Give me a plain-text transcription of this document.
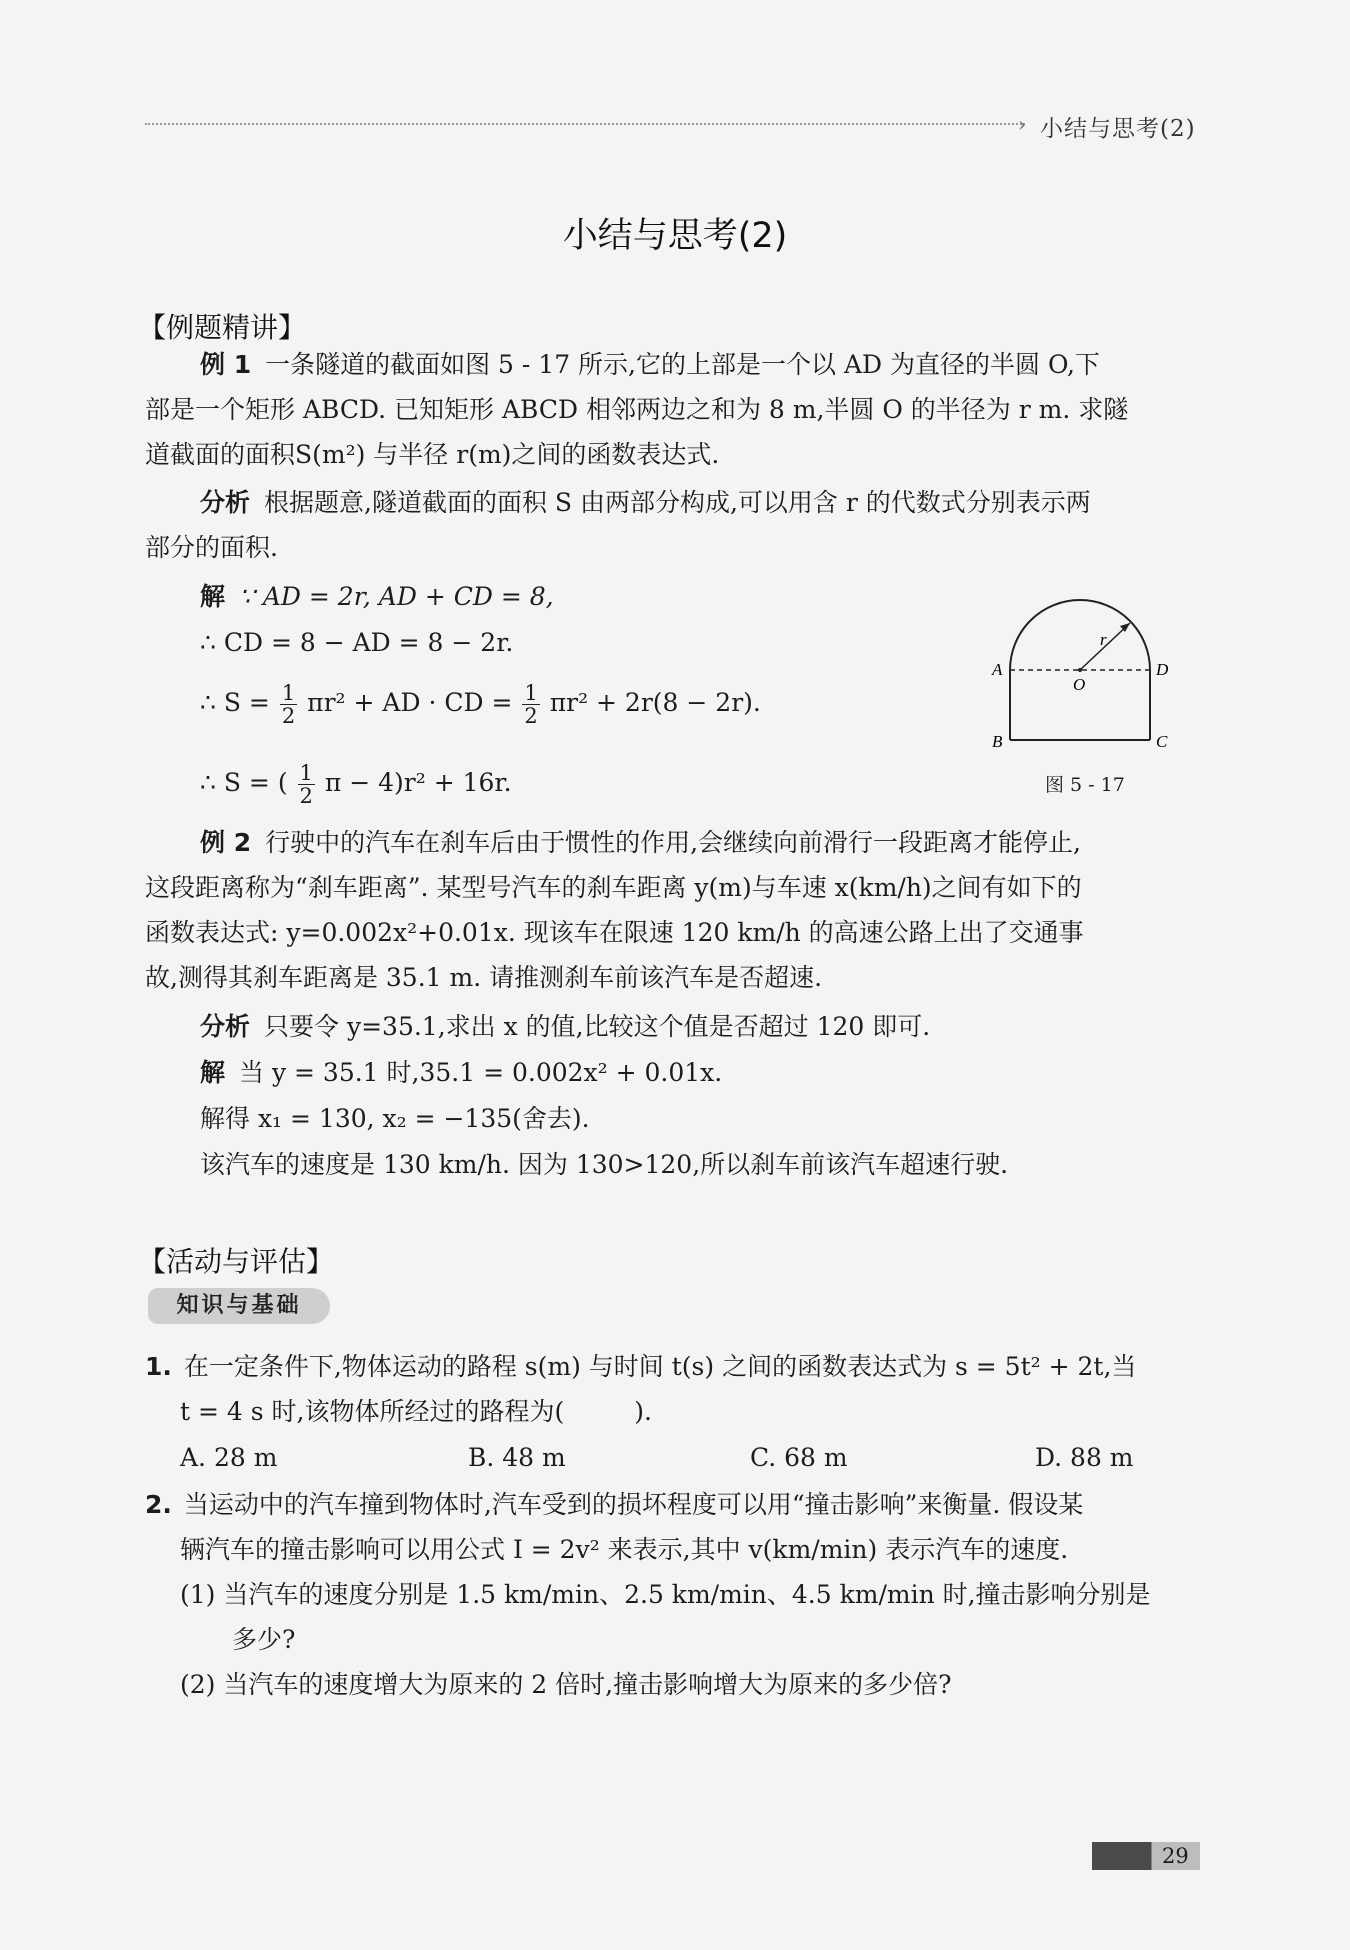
› 小结与思考(2)
小结与思考(2)
【例题精讲】
例 1 一条隧道的截面如图 5 - 17 所示,它的上部是一个以 AD 为直径的半圆 O,下
部是一个矩形 ABCD. 已知矩形 ABCD 相邻两边之和为 8 m,半圆 O 的半径为 r m. 求隧
道截面的面积S(m²) 与半径 r(m)之间的函数表达式.
分析 根据题意,隧道截面的面积 S 由两部分构成,可以用含 r 的代数式分别表示两
部分的面积.
解 ∵ AD = 2r, AD + CD = 8,
∴ CD = 8 − AD = 8 − 2r.
∴ $S = \frac{1}{2} \pi r^2$ + AD · CD = $\frac{1}{2} \pi r^2 + 2r(8 - 2r)$.
∴ S = ( $\frac{1}{2}$ π − 4)r² + 16r.
A	D
O
r
B	C
图 5 - 17
例 2 行驶中的汽车在刹车后由于惯性的作用,会继续向前滑行一段距离才能停止,
这段距离称为“刹车距离”. 某型号汽车的刹车距离 y(m)与车速 x(km/h)之间有如下的
函数表达式: y=0.002x²+0.01x. 现该车在限速 120 km/h 的高速公路上出了交通事
故,测得其刹车距离是 35.1 m. 请推测刹车前该汽车是否超速.
分析 只要令 y=35.1,求出 x 的值,比较这个值是否超过 120 即可.
解 当 y = 35.1 时,35.1 = 0.002x² + 0.01x.
解得 x₁ = 130, x₂ = −135(舍去).
该汽车的速度是 130 km/h. 因为 130>120,所以刹车前该汽车超速行驶.
【活动与评估】
知识与基础
1. 在一定条件下,物体运动的路程 s(m) 与时间 t(s) 之间的函数表达式为 s = 5t² + 2t,当
t = 4 s 时,该物体所经过的路程为(	).
A. 28 m	B. 48 m	C. 68 m	D. 88 m
2. 当运动中的汽车撞到物体时,汽车受到的损坏程度可以用“撞击影响”来衡量. 假设某
辆汽车的撞击影响可以用公式 I = 2v² 来表示,其中 v(km/min) 表示汽车的速度.
(1) 当汽车的速度分别是 1.5 km/min、2.5 km/min、4.5 km/min 时,撞击影响分别是
多少?
(2) 当汽车的速度增大为原来的 2 倍时,撞击影响增大为原来的多少倍?
29
